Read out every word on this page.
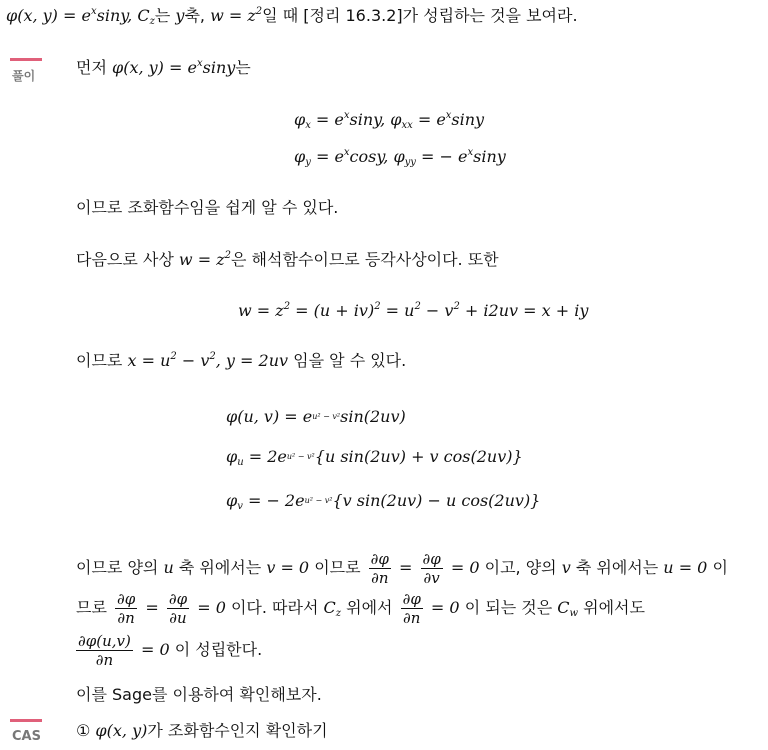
φ(x, $y) = e^x\sin y$, $C_z$는 y축, $w = z^2$일 때 [정리 16.3.2]가 성립하는 것을 보여라.
풀이	먼저 φ(x, $y) = e^x\sin y$는
$\varphi_x = e^x\sin y$, $\varphi_{xx} = e^x\sin y$
$\varphi_y = e^x\cos y$, $\varphi_{yy}$ = − $e^x\sin y$
이므로 조화함수임을 쉽게 알 수 있다.
다음으로 사상 $w = z^2$은 해석함수이므로 등각사상이다. 또한
$w = z^2 = (u + iv)^2 = u^2 - v^2 + i2uv = x$ + iy
이므로 $x = u^2 - v^2$, y = 2uv 임을 알 수 있다.
φ(u, $v) = e^{u^2 - v^2}\sin(2uv)$
$\varphi_u = 2e^{u^2 - v^2}\{u$ sin(2uv) + v cos(2uv)}
$\varphi_v$ = − $2e^{u^2 - v^2}\{v$ sin(2uv) − u cos(2uv)}
이므로 양의 u 축 위에서는 v = 0 이므로 $\frac{\partial\varphi}{\partial n} = \frac{\partial\varphi}{\partial v} = 0$ 이고, 양의 v 축 위에서는 u = 0 이
므로 $\frac{\partial\varphi}{\partial n} = \frac{\partial\varphi}{\partial u} = 0$ 이다. 따라서 $C_z$ 위에서 $\frac{\partial\varphi}{\partial n} = 0$ 이 되는 것은 $C_w$ 위에서도
$\frac{\partial\varphi(u,v)}{\partial n} = 0$ 이 성립한다.
이를 Sage를 이용하여 확인해보자.
CAS ① φ(x, y)가 조화함수인지 확인하기
